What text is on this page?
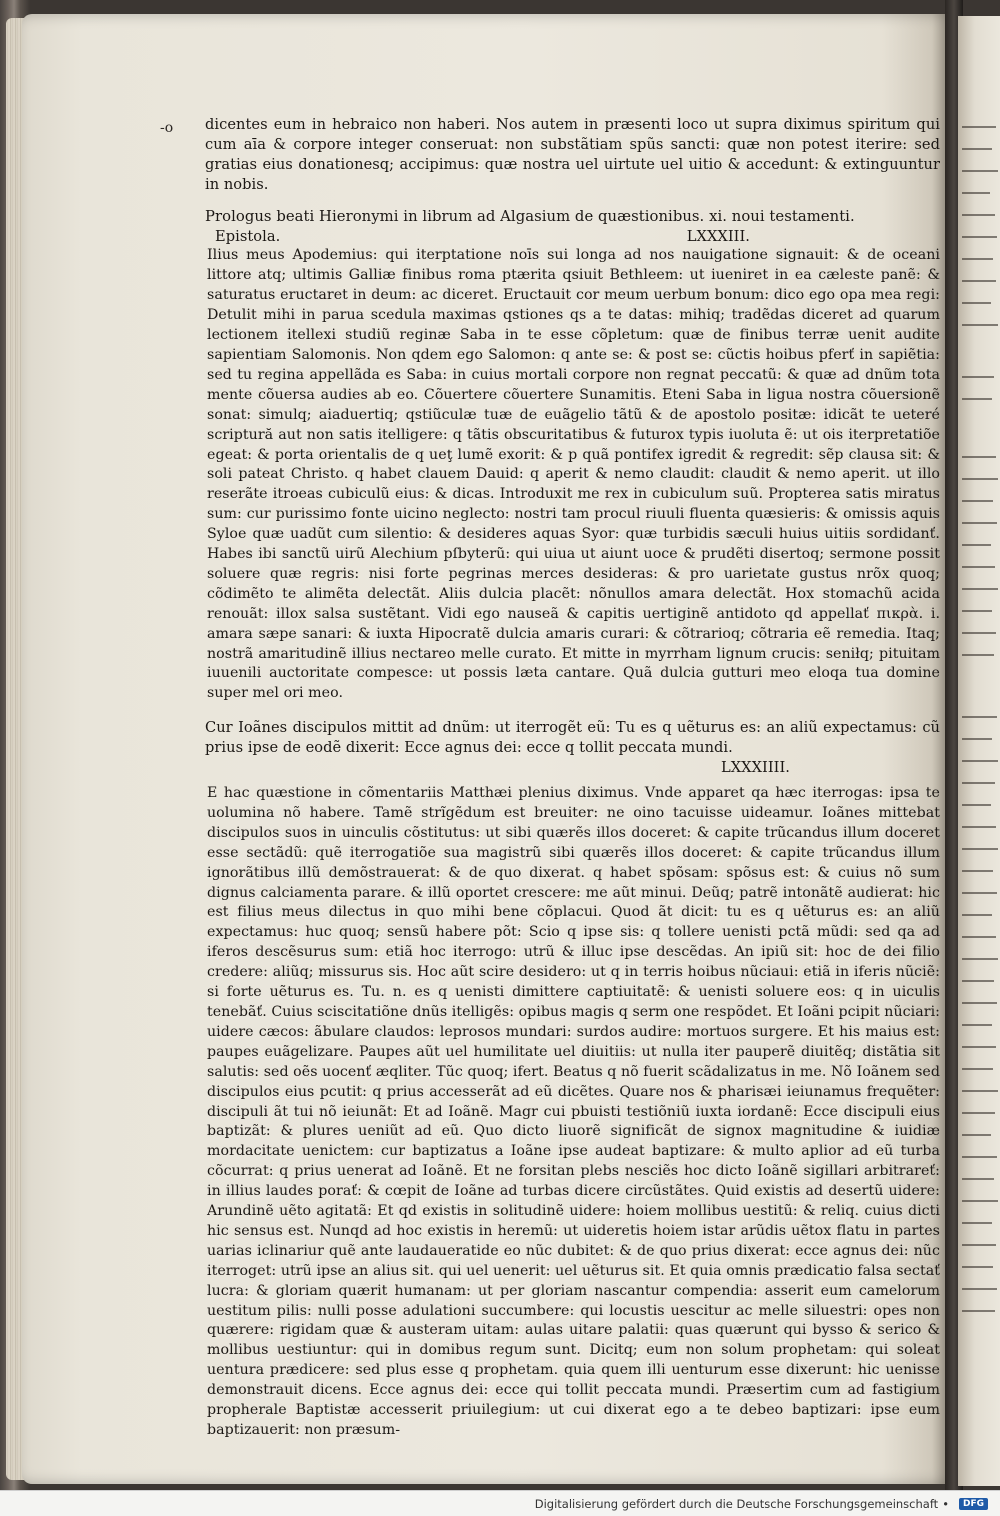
-o dicentes eum in hebraico non haberi. Nos autem in præsenti loco ut supra diximus spiritum qui cum aīa & corpore integer conseruat: non substãtiam spũs sancti: quæ non potest iterire: sed gratias eius donationesq; accipimus: quæ nostra uel uirtute uel uitio & accedunt: & extinguuntur in nobis.

Prologus beati Hieronymi in librum ad Algasium de quæstionibus. xi. noui testamenti.

Epistola.	LXXXIII.

Ilius meus Apodemius: qui iterptatione noīs sui longa ad nos nauigatione signauit: & de oceani littore atq; ultimis Galliæ finibus roma ptærita qsiuit Bethleem: ut iueniret in ea cæleste panẽ: & saturatus eructaret in deum: ac diceret. Eructauit cor meum uerbum bonum: dico ego opa mea regi: Detulit mihi in parua scedula maximas qstiones qs a te datas: mihiq; tradẽdas diceret ad quarum lectionem itellexi studiũ reginæ Saba in te esse cõpletum: quæ de finibus terræ uenit audite sapientiam Salomonis. Non qdem ego Salomon: q ante se: & post se: cũctis hoibus pferť in sapiẽtia: sed tu regina appellãda es Saba: in cuius mortali corpore non regnat peccatũ: & quæ ad dnũm tota mente cõuersa audies ab eo. Cõuertere cõuertere Sunamitis. Eteni Saba in ligua nostra cõuersionẽ sonat: simulq; aiaduertiq; qstiũculæ tuæ de euãgelio tãtũ & de apostolo positæ: idicãt te ueteré scriptură aut non satis itelligere: q tãtis obscuritatibus & futurox typis iuoluta ẽ: ut ois iterpretatiõe egeat: & porta orientalis de q ueţ lumẽ exorit: & p quã pontifex igredit & regredit: sẽp clausa sit: & soli pateat Christo. q habet clauem Dauid: q aperit & nemo claudit: claudit & nemo aperit. ut illo reserãte itroeas cubiculũ eius: & dicas. Introduxit me rex in cubiculum suũ. Propterea satis miratus sum: cur purissimo fonte uicino neglecto: nostri tam procul riuuli fluenta quæsieris: & omissis aquis Syloe quæ uadũt cum silentio: & desideres aquas Syor: quæ turbidis sæculi huius uitiis sordidanť. Habes ibi sanctũ uirũ Alechium pſbyterũ: qui uiua ut aiunt uoce & prudẽti disertoq; sermone possit soluere quæ regris: nisi forte pegrinas merces desideras: & pro uarietate gustus nrõx quoq; cõdimẽto te alimẽta delectãt. Aliis dulcia placẽt: nõnullos amara delectãt. Hox stomachũ acida renouãt: illox salsa sustẽtant. Vidi ego nauseã & capitis uertiginẽ antidoto qd appellať πικρὰ. i. amara sæpe sanari: & iuxta Hipocratẽ dulcia amaris curari: & cõtrarioq; cõtraria eẽ remedia. Itaq; nostrã amaritudinẽ illius nectareo melle curato. Et mitte in myrrham lignum crucis: seniłq; pituitam iuuenili auctoritate compesce: ut possis læta cantare. Quã dulcia gutturi meo eloqa tua domine super mel ori meo.

Cur Ioãnes discipulos mittit ad dnũm: ut iterrogẽt eũ: Tu es q uẽturus es: an aliũ expectamus: cũ prius ipse de eodẽ dixerit: Ecce agnus dei: ecce q tollit peccata mundi.

LXXXIIII.

E hac quæstione in cõmentariis Matthæi plenius diximus. Vnde apparet qa hæc iterrogas: ipsa te uolumina nõ habere. Tamẽ strĩgẽdum est breuiter: ne oino tacuisse uideamur. Ioãnes mittebat discipulos suos in uinculis cõstitutus: ut sibi quærẽs illos doceret: & capite trũcandus illum doceret esse sectãdũ: quẽ iterrogatiõe sua magistrũ sibi quærẽs illos doceret: & capite trũcandus illum ignorãtibus illũ demõstrauerat: & de quo dixerat. q habet spõsam: spõsus est: & cuius nõ sum dignus calciamenta parare. & illũ oportet crescere: me aũt minui. Deũq; patrẽ intonãtẽ audierat: hic est filius meus dilectus in quo mihi bene cõplacui. Quod ãt dicit: tu es q uẽturus es: an aliũ expectamus: huc quoq; sensũ habere põt: Scio q ipse sis: q tollere uenisti pctã mũdi: sed qa ad iferos descẽsurus sum: etiã hoc iterrogo: utrũ & illuc ipse descẽdas. An ipiũ sit: hoc de dei filio credere: aliũq; missurus sis. Hoc aũt scire desidero: ut q in terris hoibus nũciaui: etiã in iferis nũciẽ: si forte uẽturus es. Tu. n. es q uenisti dimittere captiuitatẽ: & uenisti soluere eos: q in uiculis tenebãť. Cuius sciscitatiõne dnũs itelligẽs: opibus magis q serm one respõdet. Et Ioãni pcipit nũciari: uidere cæcos: ãbulare claudos: leprosos mundari: surdos audire: mortuos surgere. Et his maius est: paupes euãgelizare. Paupes aũt uel humilitate uel diuitiis: ut nulla iter pauperẽ diuitẽq; distãtia sit salutis: sed oẽs uocenť æqliter. Tũc quoq; ifert. Beatus q nõ fuerit scãdalizatus in me. Nõ Ioãnem sed discipulos eius pcutit: q prius accesserãt ad eũ dicẽtes. Quare nos & pharisæi ieiunamus frequẽter: discipuli ãt tui nõ ieiunãt: Et ad Ioãnẽ. Magr cui pbuisti testiõniũ iuxta iordanẽ: Ecce discipuli eius baptizãt: & plures ueniũt ad eũ. Quo dicto liuorẽ significãt de signox magnitudine & iuidiæ mordacitate uenictem: cur baptizatus a Ioãne ipse audeat baptizare: & multo aplior ad eũ turba cõcurrat: q prius uenerat ad Ioãnẽ. Et ne forsitan plebs nesciẽs hoc dicto Ioãnẽ sigillari arbitrareť: in illius laudes porať: & cœpit de Ioãne ad turbas dicere circũstãtes. Quid existis ad desertũ uidere: Arundinẽ uẽto agitatã: Et qd existis in solitudinẽ uidere: hoiem mollibus uestitũ: & reliq. cuius dicti hic sensus est. Nunqd ad hoc existis in heremũ: ut uideretis hoiem istar arũdis uẽtox flatu in partes uarias iclinariur quẽ ante laudaueratide eo nũc dubitet: & de quo prius dixerat: ecce agnus dei: nũc iterroget: utrũ ipse an alius sit. qui uel uenerit: uel uẽturus sit. Et quia omnis prædicatio falsa sectať lucra: & gloriam quærit humanam: ut per gloriam nascantur compendia: asserit eum camelorum uestitum pilis: nulli posse adulationi succumbere: qui locustis uescitur ac melle siluestri: opes non quærere: rigidam quæ & austeram uitam: aulas uitare palatii: quas quærunt qui bysso & serico & mollibus uestiuntur: qui in domibus regum sunt. Dicitq; eum non solum prophetam: qui soleat uentura prædicere: sed plus esse q prophetam. quia quem illi uenturum esse dixerunt: hic uenisse demonstrauit dicens. Ecce agnus dei: ecce qui tollit peccata mundi. Præsertim cum ad fastigium propherale Baptistæ accesserit priuilegium: ut cui dixerat ego a te debeo baptizari: ipse eum baptizauerit: non præsum-

Digitalisierung gefördert durch die Deutsche Forschungsgemeinschaft •	DFG
